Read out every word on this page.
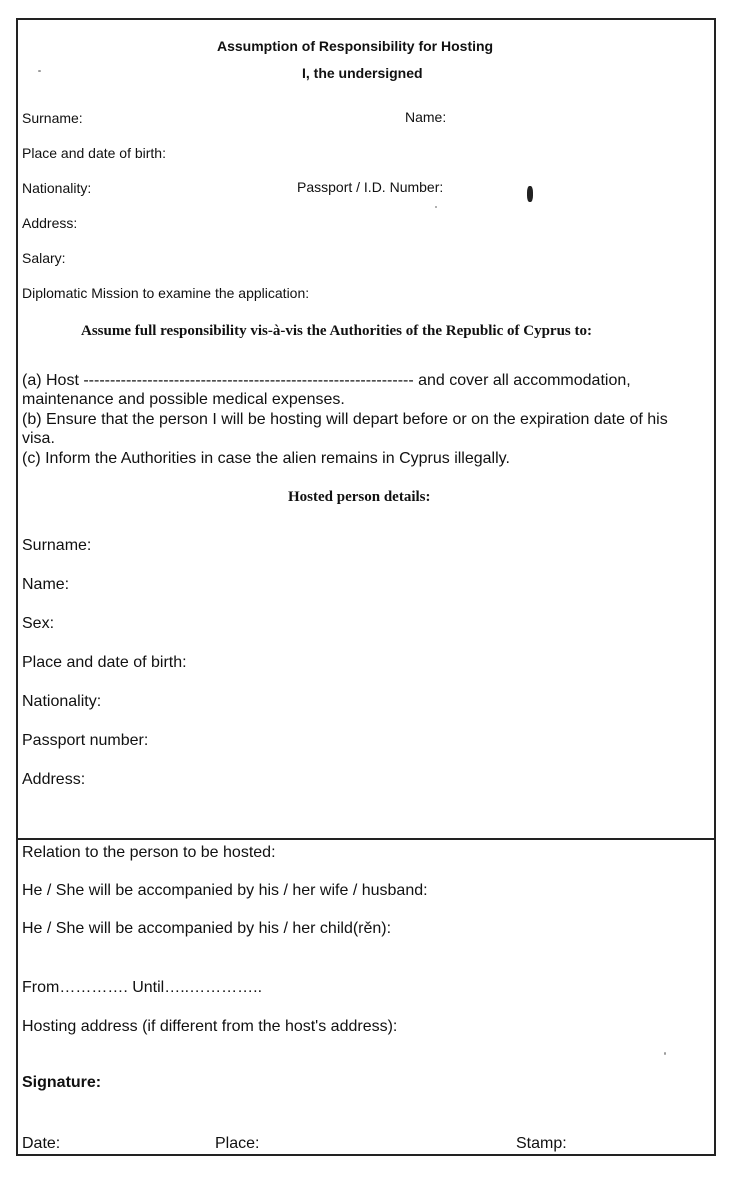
Assumption of Responsibility for Hosting
I, the undersigned
Surname:	Name:
Place and date of birth:
Nationality:	Passport / I.D. Number:
Address:
Salary:
Diplomatic Mission to examine the application:
Assume full responsibility vis-à-vis the Authorities of the Republic of Cyprus to:
(a) Host -------------------------------------------------------------- and cover all accommodation,
maintenance and possible medical expenses.
(b) Ensure that the person I will be hosting will depart before or on the expiration date of his
visa.
(c) Inform the Authorities in case the alien remains in Cyprus illegally.
Hosted person details:
Surname:
Name:
Sex:
Place and date of birth:
Nationality:
Passport number:
Address:
Relation to the person to be hosted:
He / She will be accompanied by his / her wife / husband:
He / She will be accompanied by his / her child(rěn):
From…………. Until…..…………..
Hosting address (if different from the host's address):
Signature:
Date:	Place:	Stamp:
